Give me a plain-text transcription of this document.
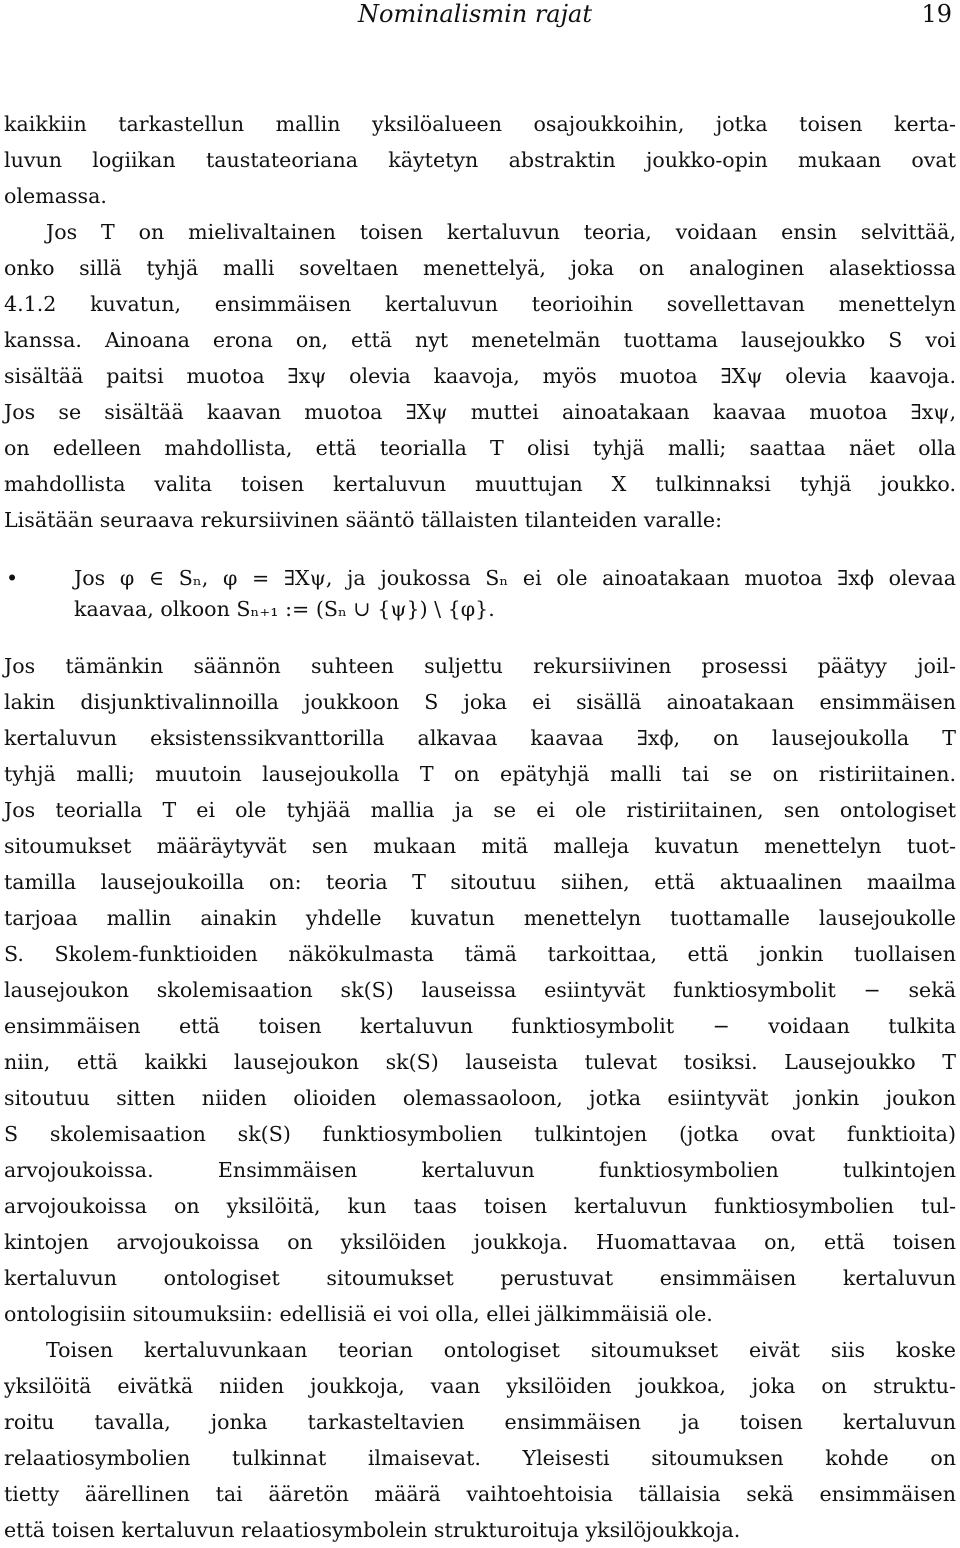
Nominalismin rajat	19
kaikkiin tarkastellun mallin yksilöalueen osajoukkoihin, jotka toisen kerta-
luvun logiikan taustateoriana käytetyn abstraktin joukko-opin mukaan ovat
olemassa.
Jos T on mielivaltainen toisen kertaluvun teoria, voidaan ensin selvittää,
onko sillä tyhjä malli soveltaen menettelyä, joka on analoginen alasektiossa
4.1.2 kuvatun, ensimmäisen kertaluvun teorioihin sovellettavan menettelyn
kanssa. Ainoana erona on, että nyt menetelmän tuottama lausejoukko S voi
sisältää paitsi muotoa ∃xψ olevia kaavoja, myös muotoa ∃Xψ olevia kaavoja.
Jos se sisältää kaavan muotoa ∃Xψ muttei ainoatakaan kaavaa muotoa ∃xψ,
on edelleen mahdollista, että teorialla T olisi tyhjä malli; saattaa näet olla
mahdollista valita toisen kertaluvun muuttujan X tulkinnaksi tyhjä joukko.
Lisätään seuraava rekursiivinen sääntö tällaisten tilanteiden varalle:
•	Jos φ ∈ Sₙ, φ = ∃Xψ, ja joukossa Sₙ ei ole ainoatakaan muotoa ∃xϕ olevaa
kaavaa, olkoon Sₙ₊₁ := (Sₙ ∪ {ψ}) \ {φ}.
Jos tämänkin säännön suhteen suljettu rekursiivinen prosessi päätyy joil-
lakin disjunktivalinnoilla joukkoon S joka ei sisällä ainoatakaan ensimmäisen
kertaluvun eksistenssikvanttorilla alkavaa kaavaa ∃xϕ, on lausejoukolla T
tyhjä malli; muutoin lausejoukolla T on epätyhjä malli tai se on ristiriitainen.
Jos teorialla T ei ole tyhjää mallia ja se ei ole ristiriitainen, sen ontologiset
sitoumukset määräytyvät sen mukaan mitä malleja kuvatun menettelyn tuot-
tamilla lausejoukoilla on: teoria T sitoutuu siihen, että aktuaalinen maailma
tarjoaa mallin ainakin yhdelle kuvatun menettelyn tuottamalle lausejoukolle
S. Skolem-funktioiden näkökulmasta tämä tarkoittaa, että jonkin tuollaisen
lausejoukon skolemisaation sk(S) lauseissa esiintyvät funktiosymbolit − sekä
ensimmäisen että toisen kertaluvun funktiosymbolit − voidaan tulkita
niin, että kaikki lausejoukon sk(S) lauseista tulevat tosiksi. Lausejoukko T
sitoutuu sitten niiden olioiden olemassaoloon, jotka esiintyvät jonkin joukon
S skolemisaation sk(S) funktiosymbolien tulkintojen (jotka ovat funktioita)
arvojoukoissa. Ensimmäisen kertaluvun funktiosymbolien tulkintojen
arvojoukoissa on yksilöitä, kun taas toisen kertaluvun funktiosymbolien tul-
kintojen arvojoukoissa on yksilöiden joukkoja. Huomattavaa on, että toisen
kertaluvun ontologiset sitoumukset perustuvat ensimmäisen kertaluvun
ontologisiin sitoumuksiin: edellisiä ei voi olla, ellei jälkimmäisiä ole.
Toisen kertaluvunkaan teorian ontologiset sitoumukset eivät siis koske
yksilöitä eivätkä niiden joukkoja, vaan yksilöiden joukkoa, joka on struktu-
roitu tavalla, jonka tarkasteltavien ensimmäisen ja toisen kertaluvun
relaatiosymbolien tulkinnat ilmaisevat. Yleisesti sitoumuksen kohde on
tietty äärellinen tai ääretön määrä vaihtoehtoisia tällaisia sekä ensimmäisen
että toisen kertaluvun relaatiosymbolein strukturoituja yksilöjoukkoja.
